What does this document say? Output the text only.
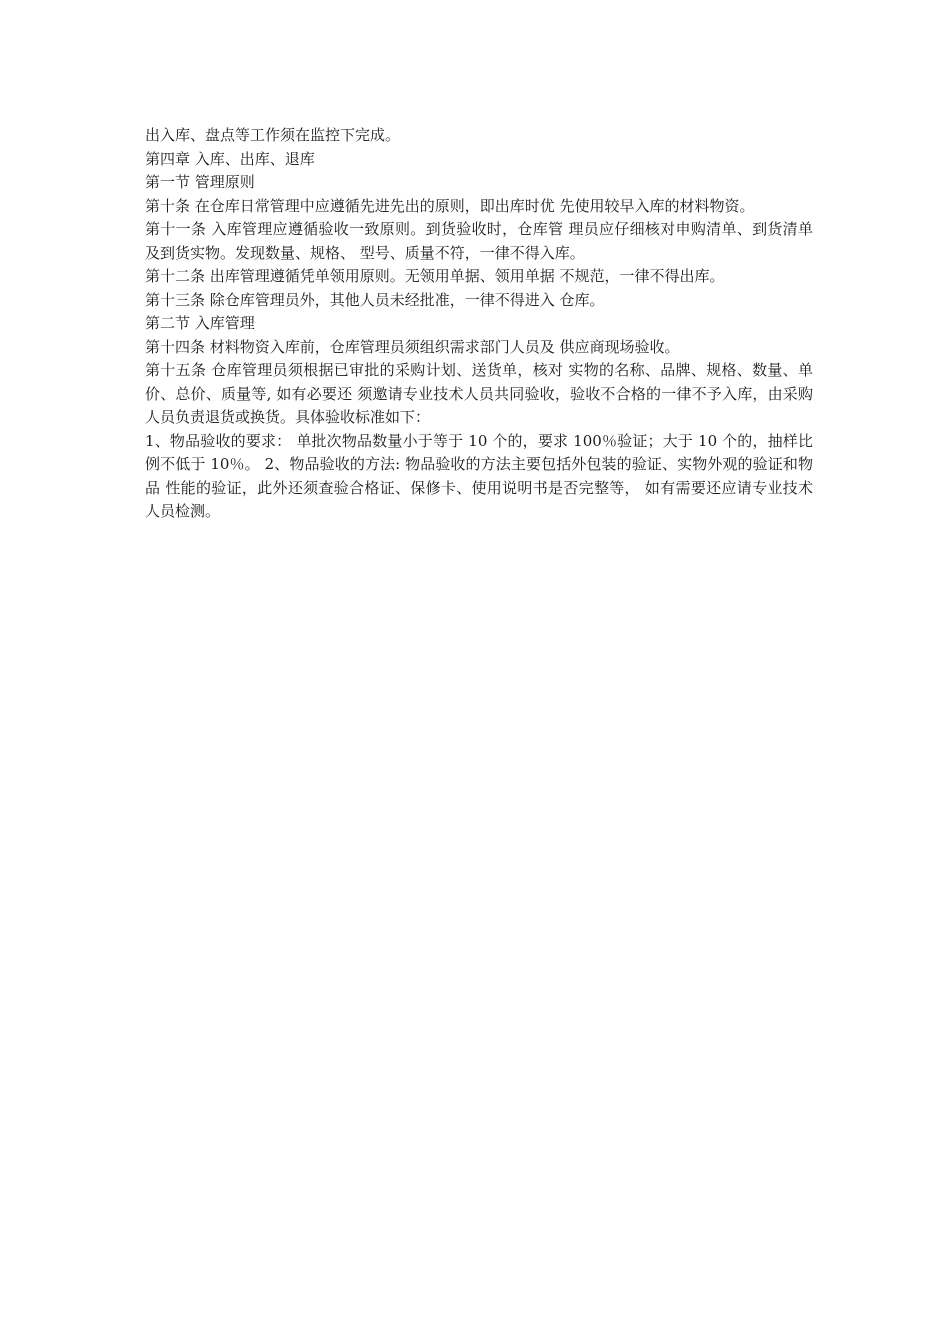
出入库、盘点等工作须在监控下完成。

第四章 入库、出库、退库

第一节 管理原则

第十条 在仓库日常管理中应遵循先进先出的原则，即出库时优 先使用较早入库的材料物资。

第十一条 入库管理应遵循验收一致原则。到货验收时，仓库管 理员应仔细核对申购清单、到货清单及到货实物。发现数量、规格、 型号、质量不符，一律不得入库。

第十二条 出库管理遵循凭单领用原则。无领用单据、领用单据 不规范，一律不得出库。

第十三条 除仓库管理员外，其他人员未经批准，一律不得进入 仓库。

第二节 入库管理

第十四条 材料物资入库前，仓库管理员须组织需求部门人员及 供应商现场验收。

第十五条 仓库管理员须根据已审批的采购计划、送货单，核对 实物的名称、品牌、规格、数量、单价、总价、质量等, 如有必要还 须邀请专业技术人员共同验收，验收不合格的一律不予入库，由采购 人员负责退货或换货。具体验收标准如下：

1、物品验收的要求： 单批次物品数量小于等于 10 个的，要求 100％验证；大于 10 个的，抽样比例不低于 10％。 2、物品验收的方法: 物品验收的方法主要包括外包装的验证、实物外观的验证和物品 性能的验证，此外还须查验合格证、保修卡、使用说明书是否完整等， 如有需要还应请专业技术人员检测。
